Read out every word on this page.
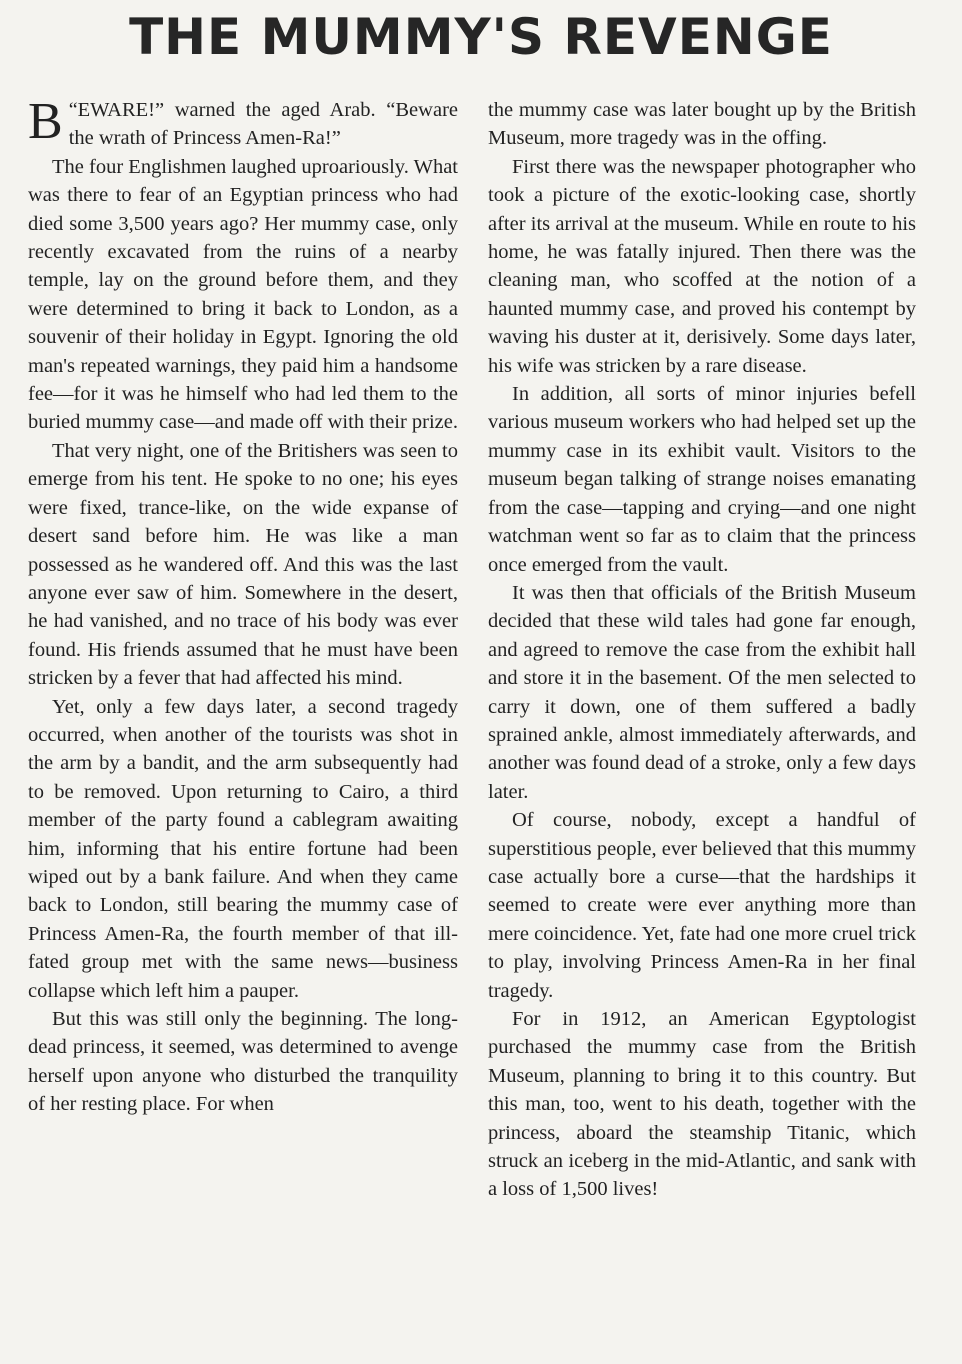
THE MUMMY'S REVENGE

“
B EWARE!” warned the aged Arab. “Beware the wrath of Princess Amen-Ra!”

The four Englishmen laughed uproariously. What was there to fear of an Egyptian princess who had died some 3,500 years ago? Her mummy case, only recently excavated from the ruins of a nearby temple, lay on the ground before them, and they were determined to bring it back to London, as a souvenir of their holiday in Egypt. Ignoring the old man's repeated warnings, they paid him a handsome fee—for it was he himself who had led them to the buried mummy case—and made off with their prize.

That very night, one of the Britishers was seen to emerge from his tent. He spoke to no one; his eyes were fixed, trance-like, on the wide expanse of desert sand before him. He was like a man possessed as he wandered off. And this was the last anyone ever saw of him. Somewhere in the desert, he had vanished, and no trace of his body was ever found. His friends assumed that he must have been stricken by a fever that had affected his mind.

Yet, only a few days later, a second tragedy occurred, when another of the tourists was shot in the arm by a bandit, and the arm subsequently had to be removed. Upon returning to Cairo, a third member of the party found a cablegram awaiting him, informing that his entire fortune had been wiped out by a bank failure. And when they came back to London, still bearing the mummy case of Princess Amen-Ra, the fourth member of that ill-fated group met with the same news—business collapse which left him a pauper.

But this was still only the beginning. The long-dead princess, it seemed, was determined to avenge herself upon anyone who disturbed the tranquility of her resting place. For when

the mummy case was later bought up by the British Museum, more tragedy was in the offing.

First there was the newspaper photographer who took a picture of the exotic-looking case, shortly after its arrival at the museum. While en route to his home, he was fatally injured. Then there was the cleaning man, who scoffed at the notion of a haunted mummy case, and proved his contempt by waving his duster at it, derisively. Some days later, his wife was stricken by a rare disease.

In addition, all sorts of minor injuries befell various museum workers who had helped set up the mummy case in its exhibit vault. Visitors to the museum began talking of strange noises emanating from the case—tapping and crying—and one night watchman went so far as to claim that the princess once emerged from the vault.

It was then that officials of the British Museum decided that these wild tales had gone far enough, and agreed to remove the case from the exhibit hall and store it in the basement. Of the men selected to carry it down, one of them suffered a badly sprained ankle, almost immediately afterwards, and another was found dead of a stroke, only a few days later.

Of course, nobody, except a handful of superstitious people, ever believed that this mummy case actually bore a curse—that the hardships it seemed to create were ever anything more than mere coincidence. Yet, fate had one more cruel trick to play, involving Princess Amen-Ra in her final tragedy.

For in 1912, an American Egyptologist purchased the mummy case from the British Museum, planning to bring it to this country. But this man, too, went to his death, together with the princess, aboard the steamship Titanic, which struck an iceberg in the mid-Atlantic, and sank with a loss of 1,500 lives!
